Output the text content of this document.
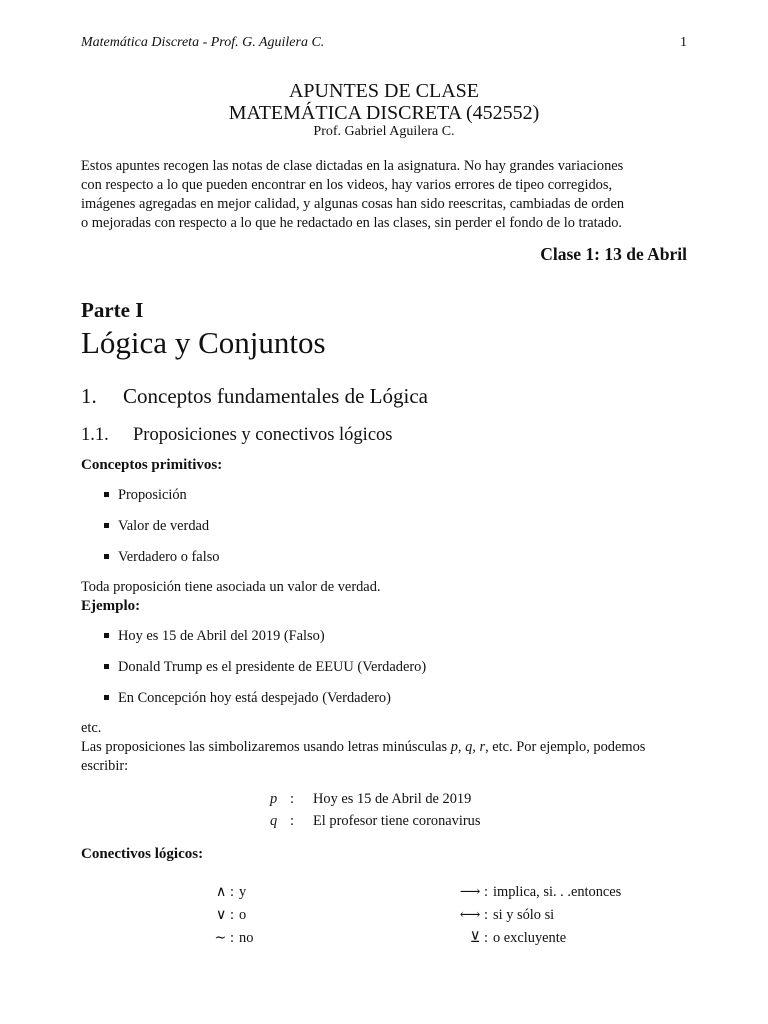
Matemática Discreta - Prof. G. Aguilera C.	1
APUNTES DE CLASE
MATEMÁTICA DISCRETA (452552)
Prof. Gabriel Aguilera C.
Estos apuntes recogen las notas de clase dictadas en la asignatura. No hay grandes variaciones
con respecto a lo que pueden encontrar en los videos, hay varios errores de tipeo corregidos,
imágenes agregadas en mejor calidad, y algunas cosas han sido reescritas, cambiadas de orden
o mejoradas con respecto a lo que he redactado en las clases, sin perder el fondo de lo tratado.
Clase 1: 13 de Abril
Parte I
Lógica y Conjuntos
1. Conceptos fundamentales de Lógica
1.1. Proposiciones y conectivos lógicos
Conceptos primitivos:
Proposición
Valor de verdad
Verdadero o falso
Toda proposición tiene asociada un valor de verdad.
Ejemplo:
Hoy es 15 de Abril del 2019 (Falso)
Donald Trump es el presidente de EEUU (Verdadero)
En Concepción hoy está despejado (Verdadero)
etc.
Las proposiciones las simbolizaremos usando letras minúsculas p, q, r, etc. Por ejemplo, podemos
escribir:
p : Hoy es 15 de Abril de 2019
q : El profesor tiene coronavirus
Conectivos lógicos:
∧ : y
∨ : o
∼ : no
⟶ : implica, si. . .entonces
⟷ : si y sólo si
⊻ : o excluyente
